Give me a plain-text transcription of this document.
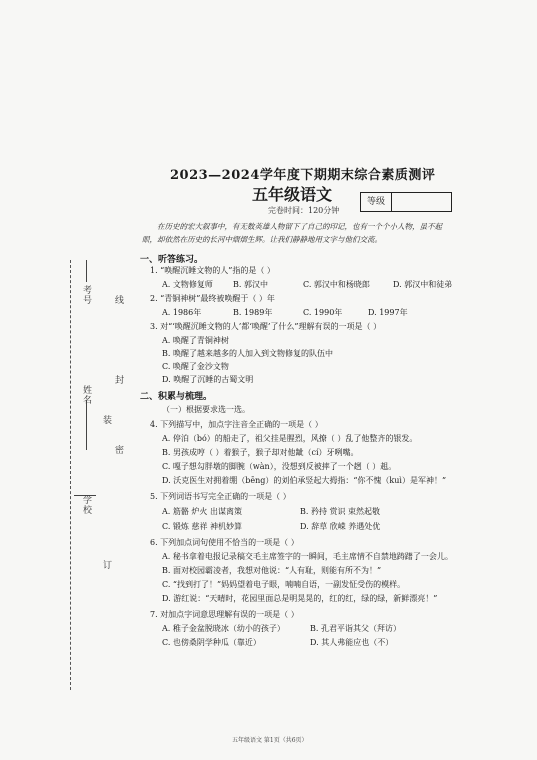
考号
姓名
学校
线
封
密
装
订
2023—2024学年度下期期末综合素质测评
五年级语文
完卷时间：120分钟
等级
在历史的宏大叙事中，有无数英雄人物留下了自己的印记，也有一个个小人物，虽不起眼，却依然在历史的长河中熠熠生辉。让我们静静地用文字与他们交流。
一、听答练习。
1. “唤醒沉睡文物的人”指的是（ ）
A. 文物修复师	B. 郭汉中	C. 郭汉中和杨晓郎	D. 郭汉中和徒弟
2. “青铜神树”最终被唤醒于（ ）年
A. 1986年	B. 1989年	C. 1990年	D. 1997年
3. 对“‘唤醒沉睡文物的人’都‘唤醒’了什么”理解有误的一项是（ ）
A. 唤醒了青铜神树
B. 唤醒了越来越多的人加入到文物修复的队伍中
C. 唤醒了金沙文物
D. 唤醒了沉睡的古蜀文明
二、积累与梳理。
（一）根据要求选一选。
4. 下列描写中，加点字注音全正确的一项是（ ）
A. 停泊（bó）的船走了，祖父挂是腥烈，风撩（ ）乱了他整齐的银发。
B. 男孩成哼（ ）着猴子，猴子却对他龇（cí）牙咧嘴。
C. 嘎子想勾胖墩的脚腕（wàn），没想到反被摔了一个趔（ ）趄。
D. 沃克医生对拥着绷（bēng）的刘伯承竖起大拇指：“你不愧（kuì）是军神！”
5. 下列词语书写完全正确的一项是（ ）
A. 筋骼 炉火 出谋离策	B. 矜持 赏识 束然起敬
C. 锻炼 慈祥 神机妙算	D. 辞草 欣嵘 养遇处优
6. 下列加点词句使用不恰当的一项是（ ）
A. 秘书拿着电报记录稿交毛主席签字的一瞬间，毛主席情不自禁地踌躇了一会儿。
B. 面对校园霸凌者，我想对他说：“人有耻，则能有所不为！”
C. “找到打了！”妈妈望着电子眼，喃喃自语，一副发怔受伤的模样。
D. 游红说：“天晴时，花园里面总是明晃晃的，红的红，绿的绿，新鲜漂亮！”
7. 对加点字词意思理解有误的一项是（ ）
A. 稚子金盆脱晓冰（幼小的孩子）	B. 孔君平诣其父（拜访）
C. 也傍桑阴学种瓜（靠近）	D. 其人弗能应也（不）
五年级语文 第1页（共6页）
